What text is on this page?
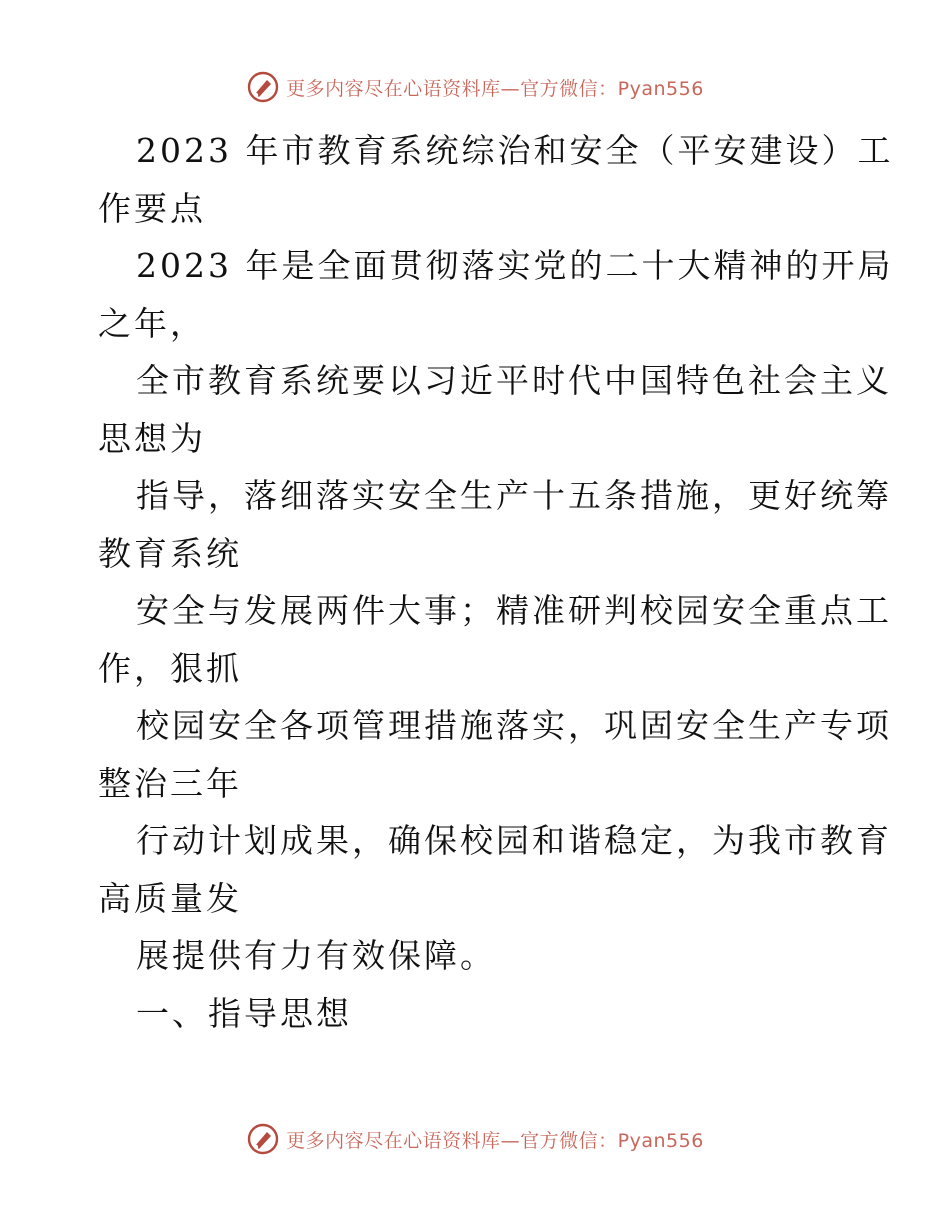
更多内容尽在心语资料库—官方微信：Pyan556
2023 年市教育系统综治和安全（平安建设）工
作要点
2023 年是全面贯彻落实党的二十大精神的开局
之年，
全市教育系统要以习近平时代中国特色社会主义
思想为
指导，落细落实安全生产十五条措施，更好统筹
教育系统
安全与发展两件大事；精准研判校园安全重点工
作，狠抓
校园安全各项管理措施落实，巩固安全生产专项
整治三年
行动计划成果，确保校园和谐稳定，为我市教育
高质量发
展提供有力有效保障。
一、指导思想
更多内容尽在心语资料库—官方微信：Pyan556
